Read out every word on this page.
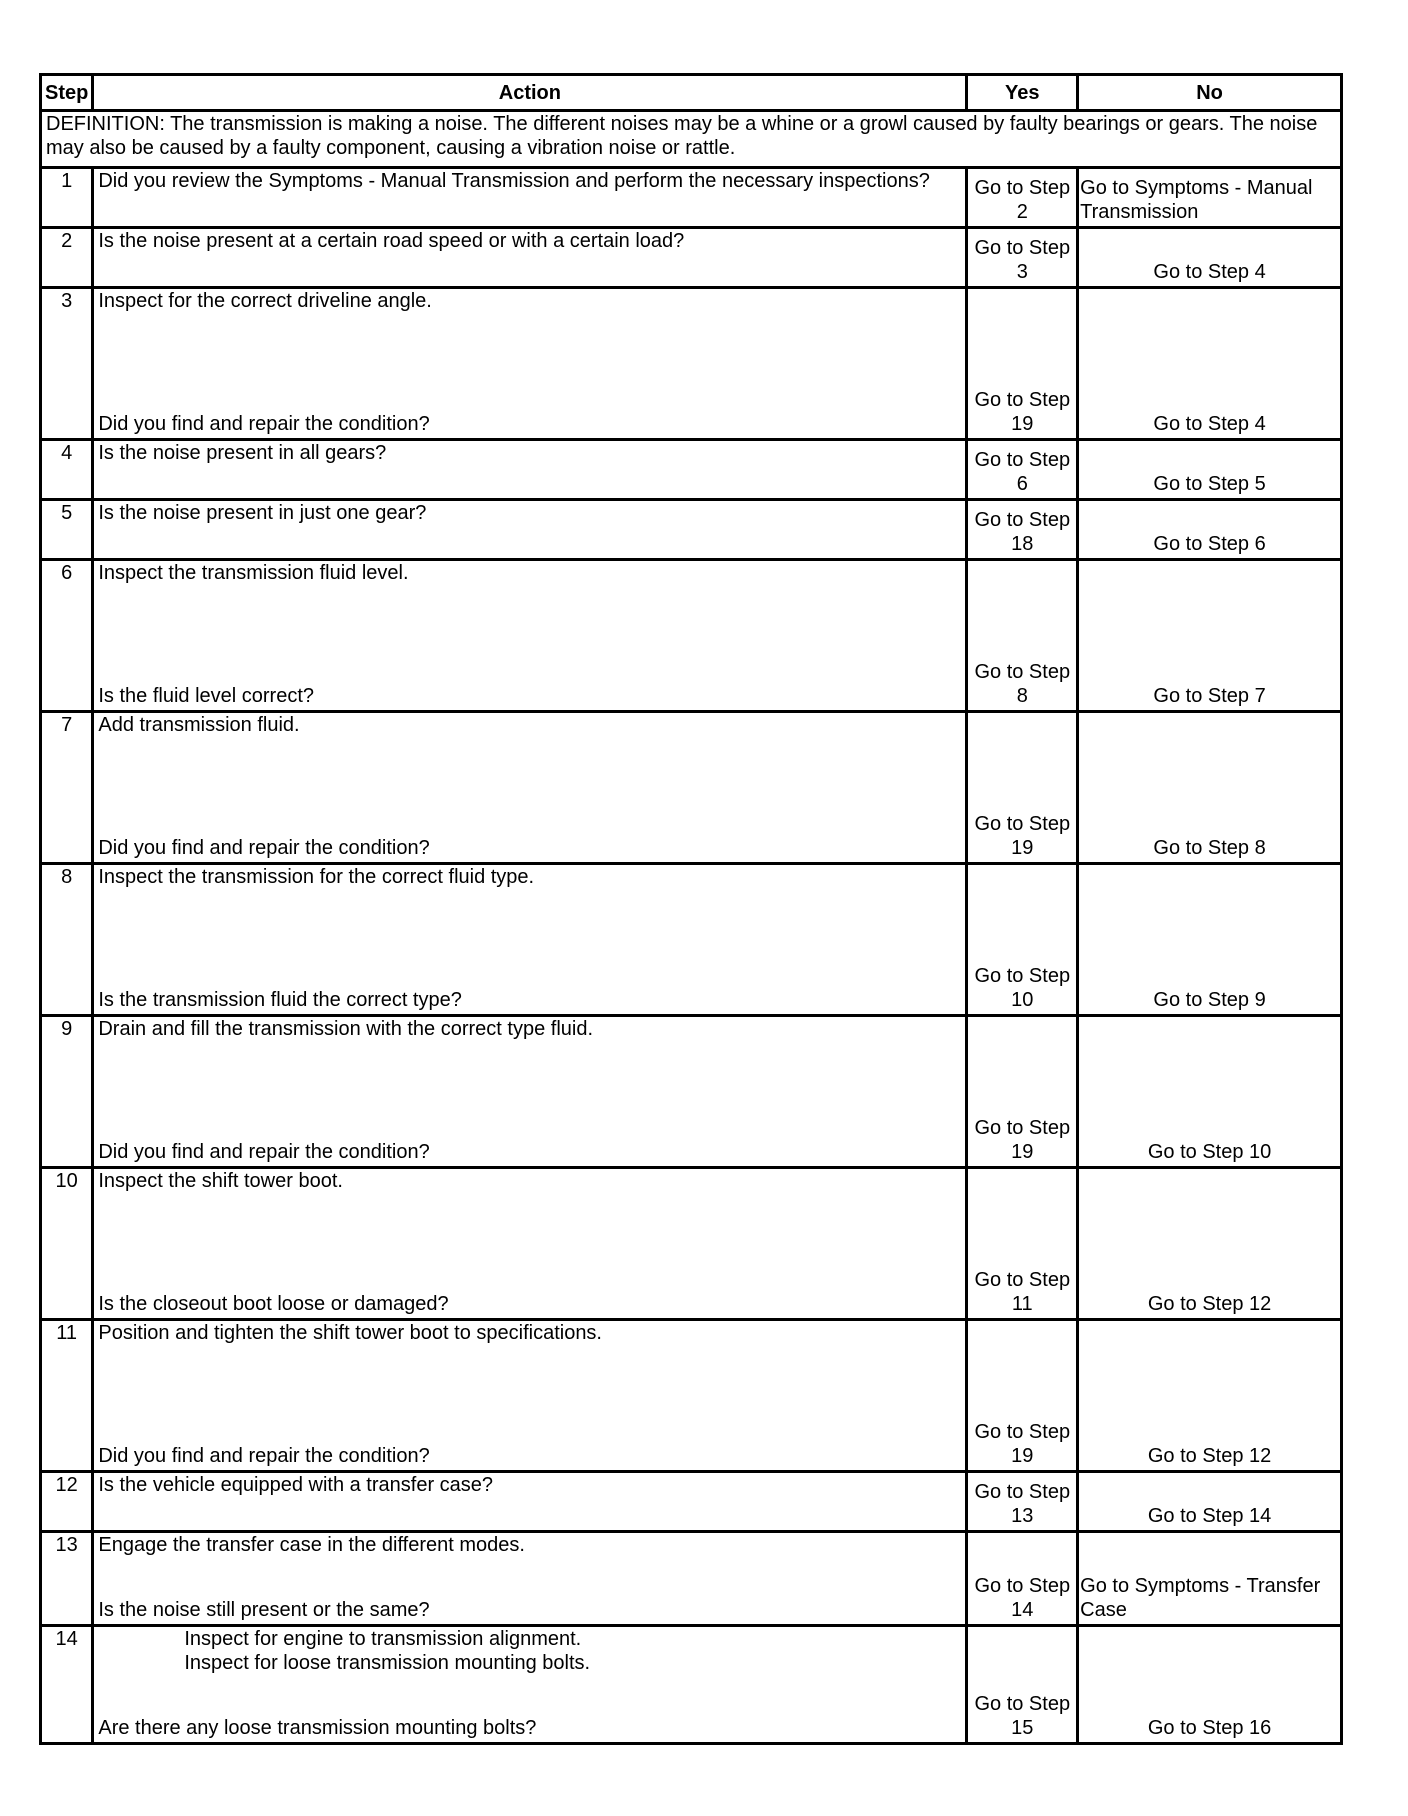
Step	Action	Yes	No
DEFINITION: The transmission is making a noise. The different noises may be a whine or a growl caused by faulty bearings or gears. The noise may also be caused by a faulty component, causing a vibration noise or rattle.			
1	Did you review the Symptoms - Manual Transmission and perform the necessary inspections?	Go to Step 2	Go to Symptoms - Manual Transmission

2	Is the noise present at a certain road speed or with a certain load?	Go to Step 3	Go to Step 4

3	Inspect for the correct driveline angle.
Did you find and repair the condition?	Go to Step 19	Go to Step 4

4	Is the noise present in all gears?	Go to Step 6	Go to Step 5

5	Is the noise present in just one gear?	Go to Step 18	Go to Step 6

6	Inspect the transmission fluid level.
Is the fluid level correct?	Go to Step 8	Go to Step 7

7	Add transmission fluid.
Did you find and repair the condition?	Go to Step 19	Go to Step 8

8	Inspect the transmission for the correct fluid type.
Is the transmission fluid the correct type?	Go to Step 10	Go to Step 9

9	Drain and fill the transmission with the correct type fluid.
Did you find and repair the condition?	Go to Step 19	Go to Step 10

10	Inspect the shift tower boot.
Is the closeout boot loose or damaged?	Go to Step 11	Go to Step 12

11	Position and tighten the shift tower boot to specifications.
Did you find and repair the condition?	Go to Step 19	Go to Step 12

12	Is the vehicle equipped with a transfer case?	Go to Step 13	Go to Step 14

13	Engage the transfer case in the different modes.
Is the noise still present or the same?	Go to Step 14	Go to Symptoms - Transfer Case

14	Inspect for engine to transmission alignment.
Inspect for loose transmission mounting bolts.
Are there any loose transmission mounting bolts?	Go to Step 15	Go to Step 16
